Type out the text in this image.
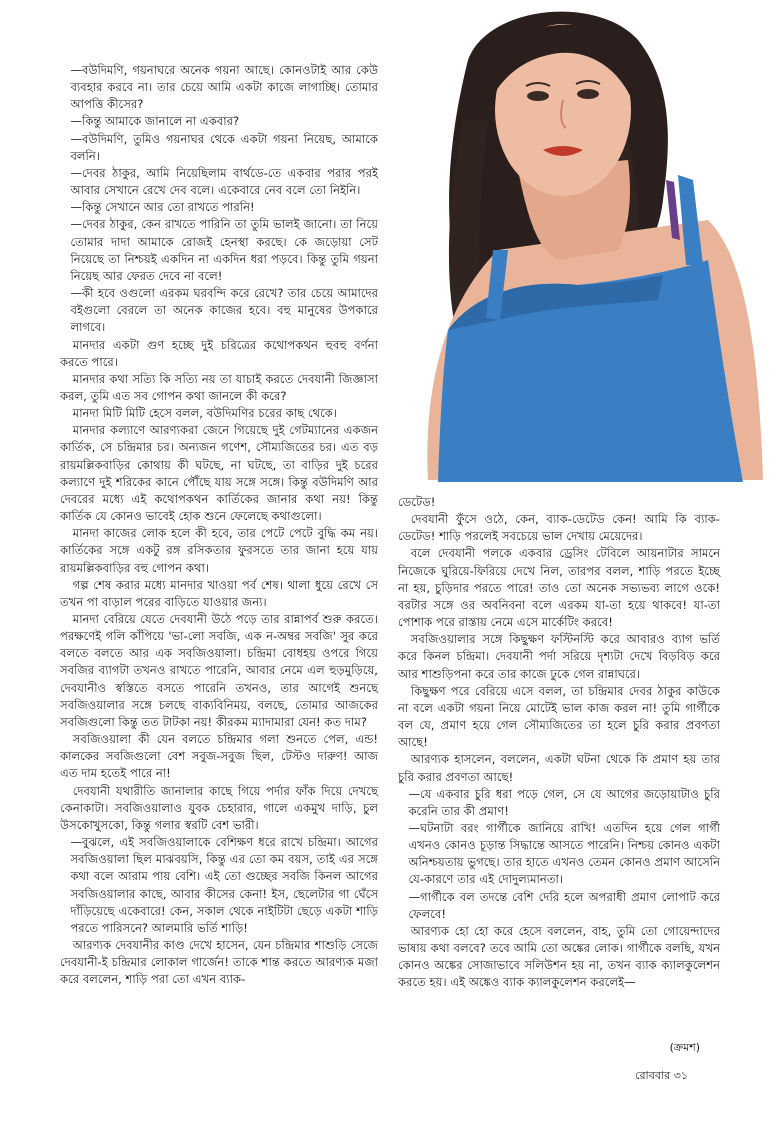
—বউদিমণি, গয়নাঘরে অনেক গয়না আছে। কোনওটাই আর কেউ ব্যবহার করবে না। তার চেয়ে আমি একটা কাজে লাগাচ্ছি। তোমার আপত্তি কীসের?

—কিন্তু আমাকে জানালে না একবার?

—বউদিমণি, তুমিও গয়নাঘর থেকে একটা গয়না নিয়েছ, আমাকে বলনি।

—দেবর ঠাকুর, আমি নিয়েছিলাম বার্থডে-তে একবার পরার পরই আবার সেখানে রেখে দেব বলে। একেবারে নেব বলে তো নিইনি।

—কিন্তু সেখানে আর তো রাখতে পারনি!

—দেবর ঠাকুর, কেন রাখতে পারিনি তা তুমি ভালই জানো। তা নিয়ে তোমার দাদা আমাকে রোজই হেনস্থা করছে। কে জড়োয়া সেট নিয়েছে তা নিশ্চয়ই একদিন না একদিন ধরা পড়বে। কিন্তু তুমি গয়না নিয়েছ আর ফেরত দেবে না বলে!

—কী হবে ওগুলো এরকম ঘরবন্দি করে রেখে? তার চেয়ে আমাদের বইগুলো বেরলে তা অনেক কাজের হবে। বহু মানুষের উপকারে লাগবে।

মানদার একটা গুণ হচ্ছে দুই চরিত্রের কথোপকথন হুবহু বর্ণনা করতে পারে।

মানদার কথা সত্যি কি সত্যি নয় তা যাচাই করতে দেবযানী জিজ্ঞাসা করল, তুমি এত সব গোপন কথা জানলে কী করে?

মানদা মিটি মিটি হেসে বলল, বউদিমণির চরের কাছ থেকে।

মানদার কল্যাণে আরণ্যকরা জেনে গিয়েছে দুই গেটম্যানের একজন কার্তিক, সে চন্দ্রিমার চর। অন্যজন গণেশ, সৌম্যজিতের চর। এত বড় রায়মল্লিকবাড়ির কোথায় কী ঘটছে, না ঘটছে, তা বাড়ির দুই চরের কল্যাণে দুই শরিকের কানে পৌঁছে যায় সঙ্গে সঙ্গে। কিন্তু বউদিমণি আর দেবরের মধ্যে এই কথোপকথন কার্তিকের জানার কথা নয়! কিন্তু কার্তিক যে কোনও ভাবেই হোক শুনে ফেলেছে কথাগুলো।

মানদা কাজের লোক হলে কী হবে, তার পেটে পেটে বুদ্ধি কম নয়। কার্তিকের সঙ্গে একটু রঙ্গ রসিকতার ফুরসতে তার জানা হয়ে যায় রায়মল্লিকবাড়ির বহু গোপন কথা।

গল্প শেষ করার মধ্যে মানদার খাওয়া পর্ব শেষ। থালা ধুয়ে রেখে সে তখন পা বাড়াল পরের বাড়িতে যাওয়ার জন্য।

মানদা বেরিয়ে যেতে দেবযানী উঠে পড়ে তার রান্নাপর্ব শুরু করতে। পরক্ষণেই গলি কাঁপিয়ে 'ভা-লো সবজি, এক ন-অম্বর সবজি' সুর করে বলতে বলতে আর এক সবজিওয়ালা। চন্দ্রিমা বোধহয় ওপরে গিয়ে সবজির ব্যাগটা তখনও রাখতে পারেনি, আবার নেমে এল হুড়মুড়িয়ে, দেবযানীও স্বস্তিতে বসতে পারেনি তখনও, তার আগেই শুনছে সবজিওয়ালার সঙ্গে চলছে বাক্যবিনিময়, বলছে, তোমার আজকের সবজিগুলো কিন্তু তত টাটকা নয়! কীরকম ম্যাদামারা যেন! কত দাম?

সবজিওয়ালা কী যেন বলতে চন্দ্রিমার গলা শুনতে পেল, এন্ড! কালকের সবজিগুলো বেশ সবুজ-সবুজ ছিল, টেস্টও দারুণ! আজ এত দাম হতেই পারে না!

দেবযানী যথারীতি জানালার কাছে গিয়ে পর্দার ফাঁক দিয়ে দেখছে কেনাকাটা। সবজিওয়ালাও যুবক চেহারার, গালে একমুখ দাড়ি, চুল উসকোখুসকো, কিন্তু গলার স্বরটি বেশ ভারী।

—বুঝলে, এই সবজিওয়ালাকে বেশিক্ষণ ধরে রাখে চন্দ্রিমা। আগের সবজিওয়ালা ছিল মাঝবয়সি, কিন্তু এর তো কম বয়স, তাই এর সঙ্গে কথা বলে আরাম পায় বেশি। এই তো গুচ্ছের সবজি কিনল আগের সবজিওয়ালার কাছে, আবার কীসের কেনা! ইস, ছেলেটার গা ঘেঁসে দাঁড়িয়েছে একেবারে! কেন, সকাল থেকে নাইটিটা ছেড়ে একটা শাড়ি পরতে পারিসনে? আলমারি ভর্তি শাড়ি!

আরণ্যক দেবযানীর কাণ্ড দেখে হাসেন, যেন চন্দ্রিমার শাশুড়ি সেজে দেবযানী-ই চন্দ্রিমার লোকাল গার্জেন! তাকে শান্ত করতে আরণ্যক মজা করে বললেন, শাড়ি পরা তো এখন ব্যাক-

ডেটেড!

দেবযানী ফুঁসে ওঠে, কেন, ব্যাক-ডেটেড কেন! আমি কি ব্যাক-ডেটেড! শাড়ি পরলেই সবচেয়ে ভাল দেখায় মেয়েদের।

বলে দেবযানী পলকে একবার ড্রেসিং টেবিলে আয়নাটার সামনে নিজেকে ঘুরিয়ে-ফিরিয়ে দেখে নিল, তারপর বলল, শাড়ি পরতে ইচ্ছে না হয়, চুড়িদার পরতে পারে! তাও তো অনেক সভ্যভব্য লাগে ওকে! বরটার সঙ্গে ওর অবনিবনা বলে এরকম যা-তা হয়ে থাকবে! যা-তা পোশাক পরে রাস্তায় নেমে এসে মার্কেটিং করবে!

সবজিওয়ালার সঙ্গে কিছুক্ষণ ফস্টিনস্টি করে আবারও ব্যাগ ভর্তি করে কিনল চন্দ্রিমা। দেবযানী পর্দা সরিয়ে দৃশ্যটা দেখে বিড়বিড় করে আর শাশুড়িপনা করে তার কাজে ঢুকে গেল রান্নাঘরে।

কিছুক্ষণ পরে বেরিয়ে এসে বলল, তা চন্দ্রিমার দেবর ঠাকুর কাউকে না বলে একটা গয়না নিয়ে মোটেই ভাল কাজ করল না! তুমি গার্গীকে বল যে, প্রমাণ হয়ে গেল সৌম্যজিতের তা হলে চুরি করার প্রবণতা আছে!

আরণ্যক হাসলেন, বললেন, একটা ঘটনা থেকে কি প্রমাণ হয় তার চুরি করার প্রবণতা আছে!

—যে একবার চুরি ধরা পড়ে গেল, সে যে আগের জড়োয়াটাও চুরি করেনি তার কী প্রমাণ!

—ঘটনাটা বরং গার্গীকে জানিয়ে রাখি! এতদিন হয়ে গেল গার্গী এখনও কোনও চূড়ান্ত সিদ্ধান্তে আসতে পারেনি। নিশ্চয় কোনও একটা অনিশ্চয়তায় ভুগছে। তার হাতে এখনও তেমন কোনও প্রমাণ আসেনি যে-কারণে তার এই দোদুল্যমানতা।

—গার্গীকে বল তদন্তে বেশি দেরি হলে অপরাধী প্রমাণ লোপাট করে ফেলবে!

আরণ্যক হো হো করে হেসে বললেন, বাহ, তুমি তো গোয়েন্দাদের ভাষায় কথা বলবে? তবে আমি তো অঙ্কের লোক। গার্গীকে বলছি, যখন কোনও অঙ্কের সোজাভাবে সলিউশন হয় না, তখন ব্যাক ক্যালকুলেশন করতে হয়। এই অঙ্কেও ব্যাক ক্যালকুলেশন করলেই—

(ক্রমশ)
রোববার ৩১
